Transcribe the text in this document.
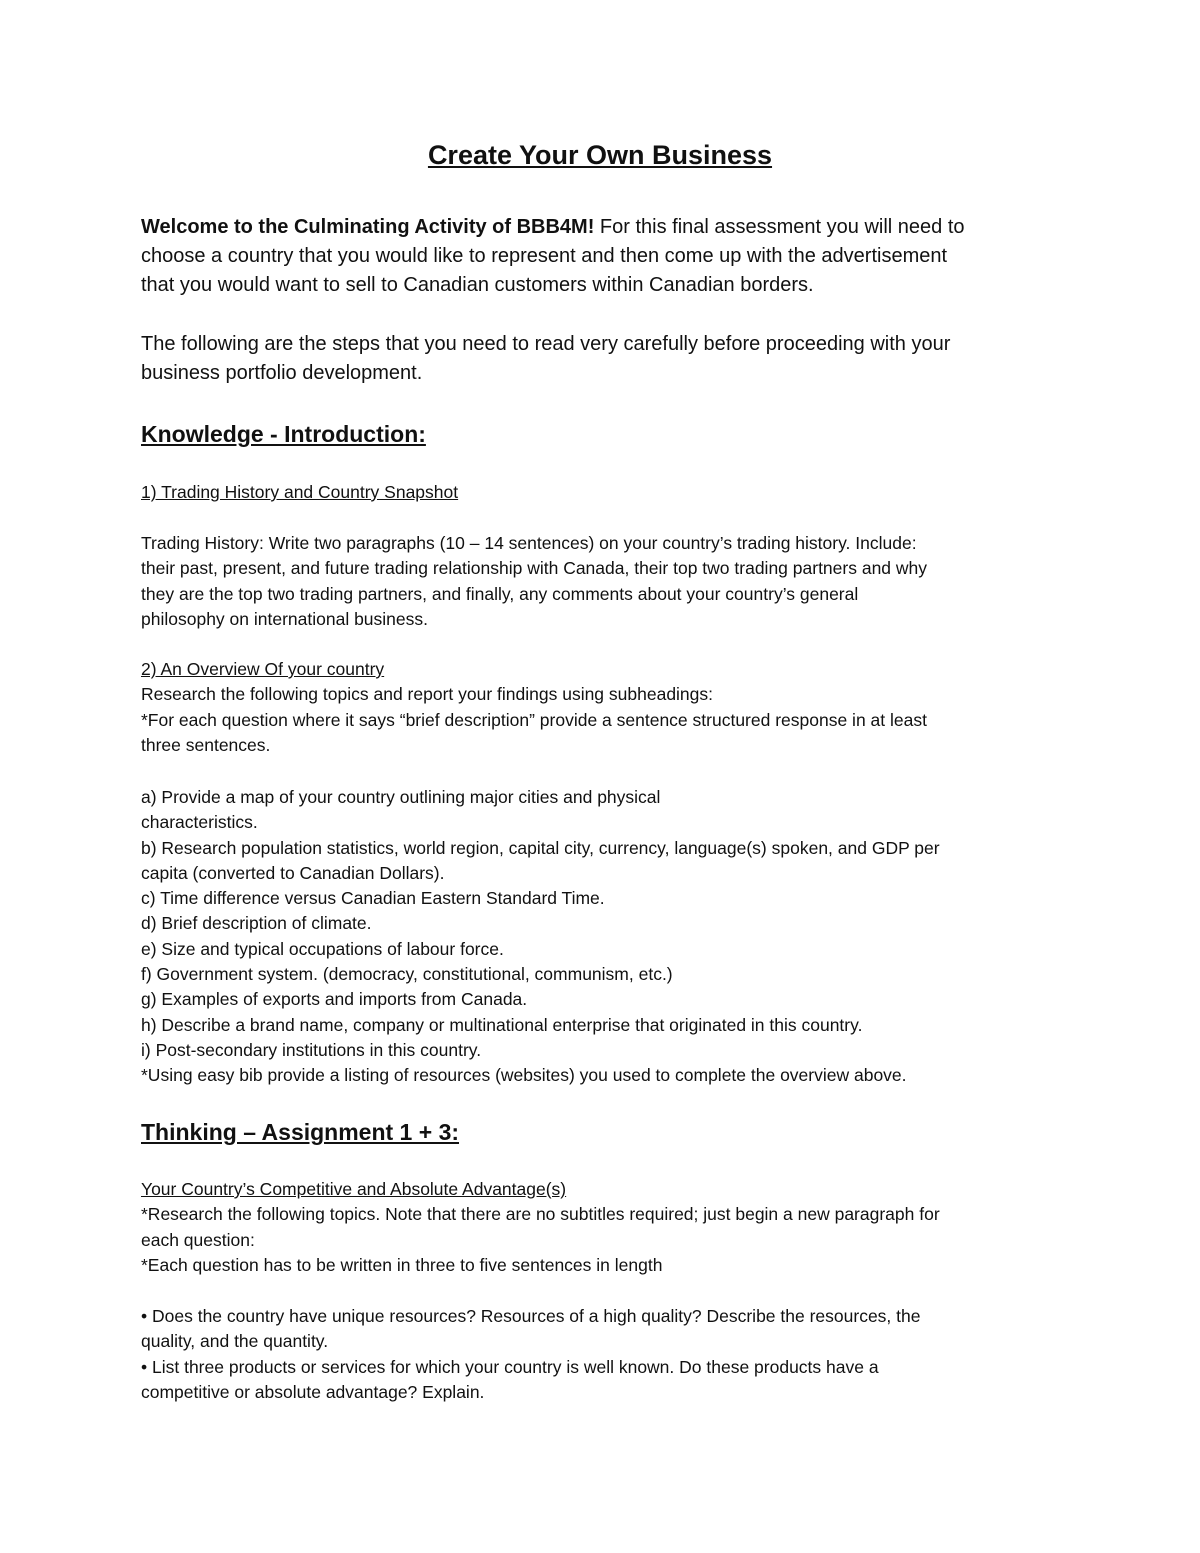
Create Your Own Business
Welcome to the Culminating Activity of BBB4M! For this final assessment you will need to
choose a country that you would like to represent and then come up with the advertisement
that you would want to sell to Canadian customers within Canadian borders.
The following are the steps that you need to read very carefully before proceeding with your
business portfolio development.
Knowledge - Introduction:
1) Trading History and Country Snapshot
Trading History: Write two paragraphs (10 – 14 sentences) on your country’s trading history. Include:
their past, present, and future trading relationship with Canada, their top two trading partners and why
they are the top two trading partners, and finally, any comments about your country’s general
philosophy on international business.
2) An Overview Of your country
Research the following topics and report your findings using subheadings:
*For each question where it says “brief description” provide a sentence structured response in at least
three sentences.
a) Provide a map of your country outlining major cities and physical
characteristics.
b) Research population statistics, world region, capital city, currency, language(s) spoken, and GDP per
capita (converted to Canadian Dollars).
c) Time difference versus Canadian Eastern Standard Time.
d) Brief description of climate.
e) Size and typical occupations of labour force.
f) Government system. (democracy, constitutional, communism, etc.)
g) Examples of exports and imports from Canada.
h) Describe a brand name, company or multinational enterprise that originated in this country.
i) Post-secondary institutions in this country.
*Using easy bib provide a listing of resources (websites) you used to complete the overview above.
Thinking – Assignment 1 + 3:
Your Country’s Competitive and Absolute Advantage(s)
*Research the following topics. Note that there are no subtitles required; just begin a new paragraph for
each question:
*Each question has to be written in three to five sentences in length
• Does the country have unique resources? Resources of a high quality? Describe the resources, the
quality, and the quantity.
• List three products or services for which your country is well known. Do these products have a
competitive or absolute advantage? Explain.
